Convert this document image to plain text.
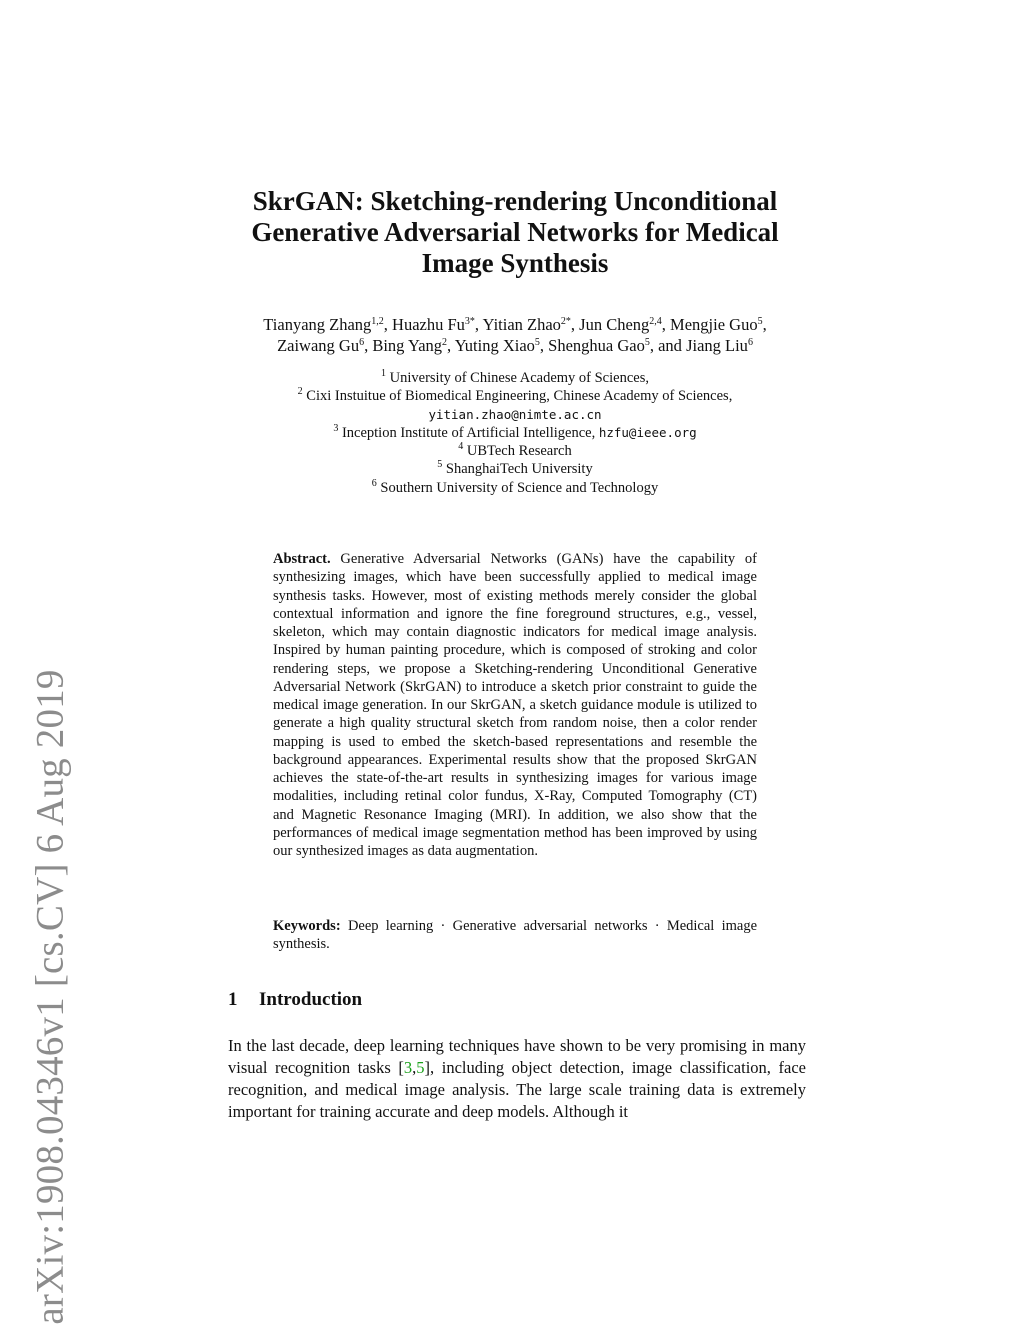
arXiv:1908.04346v1 [cs.CV] 6 Aug 2019
SkrGAN: Sketching-rendering Unconditional
Generative Adversarial Networks for Medical
Image Synthesis
Tianyang Zhang$^{1,2}$, Huazhu $Fu^{3*}$, Yitian Zhao$^{2*}$, Jun Cheng$^{2,4}$, Mengjie Guo$^5$,
Zaiwang Gu$^6$, Bing Yang$^2$, Yuting Xiao$^5$, Shenghua Gao$^5$, and Jiang Liu$^6$
$^1$ University of Chinese Academy of Sciences,
$^2$ Cixi Instuitue of Biomedical Engineering, Chinese Academy of Sciences,
yitian.zhao@nimte.ac.cn
$^3$ Inception Institute of Artificial Intelligence, hzfu@ieee.org
$^4$ UBTech Research
$^5$ ShanghaiTech University
$^6$ Southern University of Science and Technology
Abstract. Generative Adversarial Networks (GANs) have the capability of synthesizing images, which have been successfully applied to medical image synthesis tasks. However, most of existing methods merely consider the global contextual information and ignore the fine foreground structures, e.g., vessel, skeleton, which may contain diagnostic indicators for medical image analysis. Inspired by human painting procedure, which is composed of stroking and color rendering steps, we propose a Sketching-rendering Unconditional Generative Adversarial Network (SkrGAN) to introduce a sketch prior constraint to guide the medical image generation. In our SkrGAN, a sketch guidance module is utilized to generate a high quality structural sketch from random noise, then a color render mapping is used to embed the sketch-based representations and resemble the background appearances. Experimental results show that the proposed SkrGAN achieves the state-of-the-art results in synthesizing images for various image modalities, including retinal color fundus, X-Ray, Computed Tomography (CT) and Magnetic Resonance Imaging (MRI). In addition, we also show that the performances of medical image segmentation method has been improved by using our synthesized images as data augmentation.
Keywords: Deep learning · Generative adversarial networks · Medical image synthesis.
1 Introduction
In the last decade, deep learning techniques have shown to be very promising in many visual recognition tasks [3,5], including object detection, image classification, face recognition, and medical image analysis. The large scale training data is extremely important for training accurate and deep models. Although it
